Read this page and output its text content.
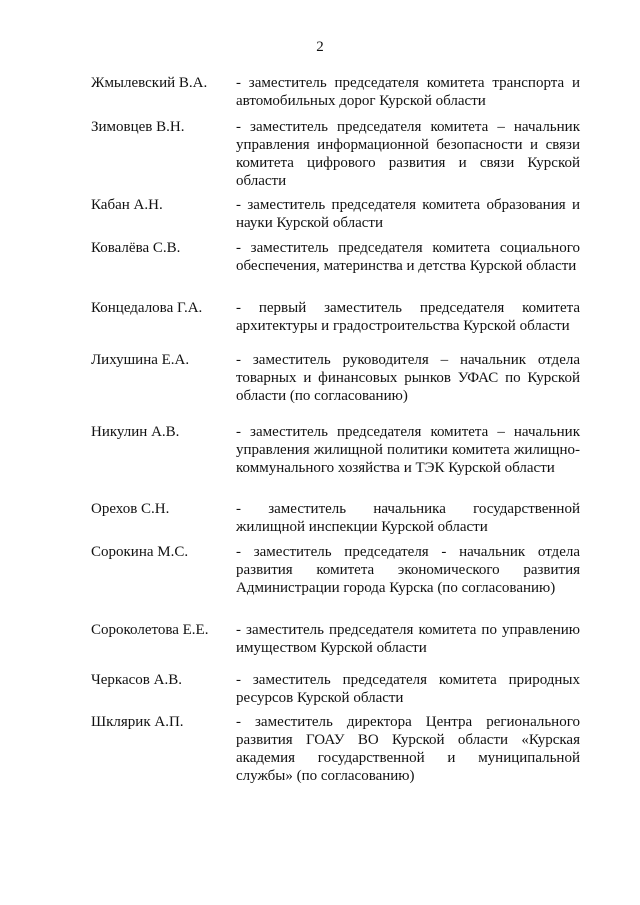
2
Жмылевский В.А. - заместитель председателя комитета транспорта и автомобильных дорог Курской области
Зимовцев В.Н.	- заместитель председателя комитета – начальник управления информационной безопасности и связи комитета цифрового развития и связи Курской области
Кабан А.Н.	- заместитель председателя комитета образования и науки Курской области
Ковалёва С.В.	- заместитель председателя комитета социального обеспечения, материнства и детства Курской области
Концедалова Г.А. - первый заместитель председателя комитета архитектуры и градостроительства Курской области
Лихушина Е.А.	- заместитель руководителя – начальник отдела товарных и финансовых рынков УФАС по Курской области (по согласованию)
Никулин А.В.	- заместитель председателя комитета – начальник управления жилищной политики комитета жилищно-коммунального хозяйства и ТЭК Курской области
Орехов С.Н.	- заместитель начальника государственной жилищной инспекции Курской области
Сорокина М.С.	- заместитель председателя - начальник отдела развития комитета экономического развития Администрации города Курска (по согласованию)
Сороколетова Е.Е. - заместитель председателя комитета по управлению имуществом Курской области
Черкасов А.В.	- заместитель председателя комитета природных ресурсов Курской области
Шклярик А.П.	- заместитель директора Центра регионального развития ГОАУ ВО Курской области «Курская академия государственной и муниципальной службы» (по согласованию)
